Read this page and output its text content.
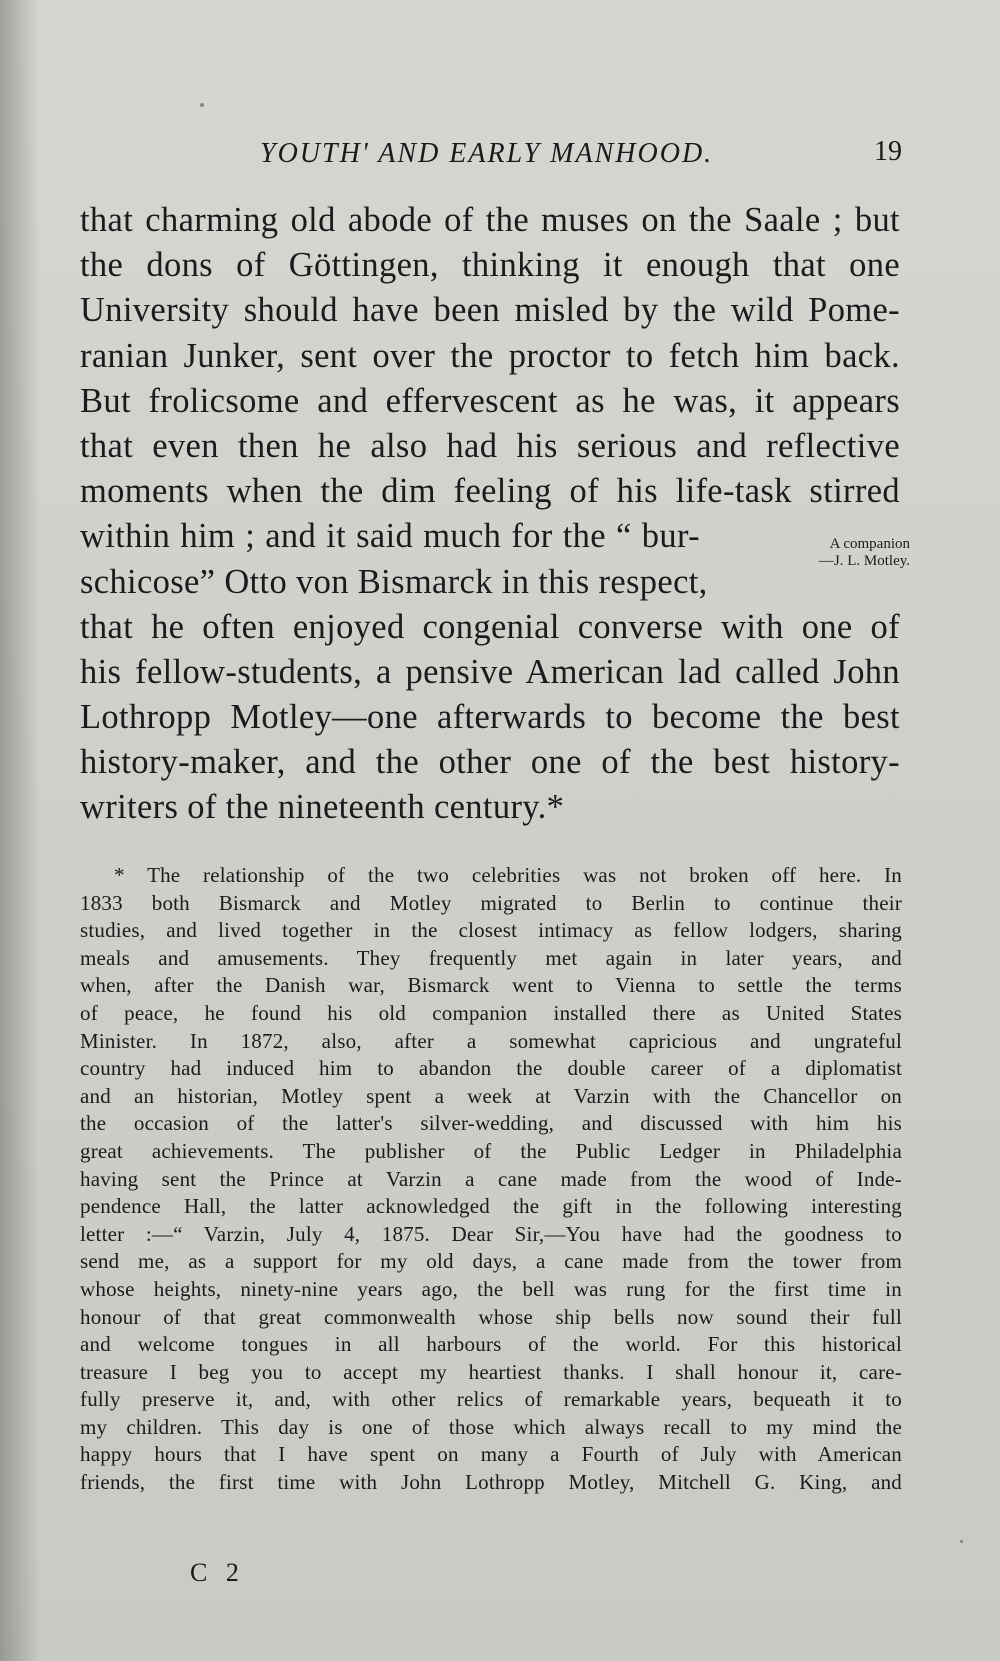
YOUTH' AND EARLY MANHOOD.	19
that charming old abode of the muses on the Saale ; but
the dons of Göttingen, thinking it enough that one
University should have been misled by the wild Pome-
ranian Junker, sent over the proctor to fetch him back.
But frolicsome and effervescent as he was, it appears
that even then he also had his serious and reflective
moments when the dim feeling of his life-task stirred
within him ; and it said much for the “ bur-
schicose” Otto von Bismarck in this respect,
that he often enjoyed congenial converse with one of
his fellow-students, a pensive American lad called John
Lothropp Motley—one afterwards to become the best
history-maker, and the other one of the best history-
writers of the nineteenth century.*
A companion
—J. L. Motley.
* The relationship of the two celebrities was not broken off here. In
1833 both Bismarck and Motley migrated to Berlin to continue their
studies, and lived together in the closest intimacy as fellow lodgers, sharing
meals and amusements. They frequently met again in later years, and
when, after the Danish war, Bismarck went to Vienna to settle the terms
of peace, he found his old companion installed there as United States
Minister. In 1872, also, after a somewhat capricious and ungrateful
country had induced him to abandon the double career of a diplomatist
and an historian, Motley spent a week at Varzin with the Chancellor on
the occasion of the latter's silver-wedding, and discussed with him his
great achievements. The publisher of the Public Ledger in Philadelphia
having sent the Prince at Varzin a cane made from the wood of Inde-
pendence Hall, the latter acknowledged the gift in the following interesting
letter :—“ Varzin, July 4, 1875. Dear Sir,—You have had the goodness to
send me, as a support for my old days, a cane made from the tower from
whose heights, ninety-nine years ago, the bell was rung for the first time in
honour of that great commonwealth whose ship bells now sound their full
and welcome tongues in all harbours of the world. For this historical
treasure I beg you to accept my heartiest thanks. I shall honour it, care-
fully preserve it, and, with other relics of remarkable years, bequeath it to
my children. This day is one of those which always recall to my mind the
happy hours that I have spent on many a Fourth of July with American
friends, the first time with John Lothropp Motley, Mitchell G. King, and
C 2
